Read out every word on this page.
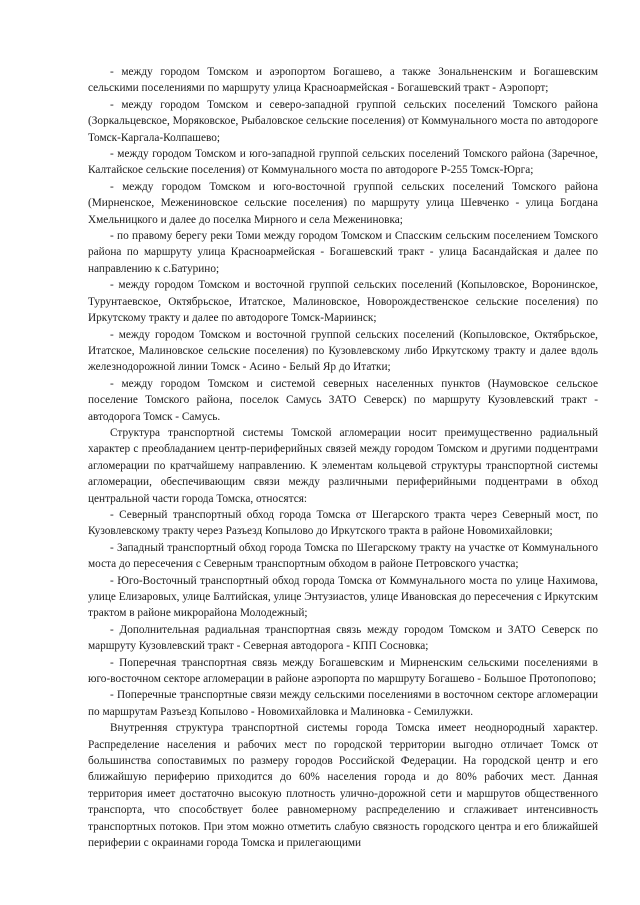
- между городом Томском и аэропортом Богашево, а также Зональненским и Богашевским сельскими поселениями по маршруту улица Красноармейская - Богашевский тракт - Аэропорт;

- между городом Томском и северо-западной группой сельских поселений Томского района (Зоркальцевское, Моряковское, Рыбаловское сельские поселения) от Коммунального моста по автодороге Томск-Каргала-Колпашево;

- между городом Томском и юго-западной группой сельских поселений Томского района (Заречное, Калтайское сельские поселения) от Коммунального моста по автодороге Р-255 Томск-Юрга;

- между городом Томском и юго-восточной группой сельских поселений Томского района (Мирненское, Межениновское сельские поселения) по маршруту улица Шевченко - улица Богдана Хмельницкого и далее до поселка Мирного и села Межениновка;

- по правому берегу реки Томи между городом Томском и Спасским сельским поселением Томского района по маршруту улица Красноармейская - Богашевский тракт - улица Басандайская и далее по направлению к с.Батурино;

- между городом Томском и восточной группой сельских поселений (Копыловское, Воронинское, Турунтаевское, Октябрьское, Итатское, Малиновское, Новорождественское сельские поселения) по Иркутскому тракту и далее по автодороге Томск-Мариинск;

- между городом Томском и восточной группой сельских поселений (Копыловское, Октябрьское, Итатское, Малиновское сельские поселения) по Кузовлевскому либо Иркутскому тракту и далее вдоль железнодорожной линии Томск - Асино - Белый Яр до Итатки;

- между городом Томском и системой северных населенных пунктов (Наумовское сельское поселение Томского района, поселок Самусь ЗАТО Северск) по маршруту Кузовлевский тракт - автодорога Томск - Самусь.

Структура транспортной системы Томской агломерации носит преимущественно радиальный характер с преобладанием центр-периферийных связей между городом Томском и другими подцентрами агломерации по кратчайшему направлению. К элементам кольцевой структуры транспортной системы агломерации, обеспечивающим связи между различными периферийными подцентрами в обход центральной части города Томска, относятся:

- Северный транспортный обход города Томска от Шегарского тракта через Северный мост, по Кузовлевскому тракту через Разъезд Копылово до Иркутского тракта в районе Новомихайловки;

- Западный транспортный обход города Томска по Шегарскому тракту на участке от Коммунального моста до пересечения с Северным транспортным обходом в районе Петровского участка;

- Юго-Восточный транспортный обход города Томска от Коммунального моста по улице Нахимова, улице Елизаровых, улице Балтийская, улице Энтузиастов, улице Ивановская до пересечения с Иркутским трактом в районе микрорайона Молодежный;

- Дополнительная радиальная транспортная связь между городом Томском и ЗАТО Северск по маршруту Кузовлевский тракт - Северная автодорога - КПП Сосновка;

- Поперечная транспортная связь между Богашевским и Мирненским сельскими поселениями в юго-восточном секторе агломерации в районе аэропорта по маршруту Богашево - Большое Протопопово;

- Поперечные транспортные связи между сельскими поселениями в восточном секторе агломерации по маршрутам Разъезд Копылово - Новомихайловка и Малиновка - Семилужки.

Внутренняя структура транспортной системы города Томска имеет неоднородный характер. Распределение населения и рабочих мест по городской территории выгодно отличает Томск от большинства сопоставимых по размеру городов Российской Федерации. На городской центр и его ближайшую периферию приходится до 60% населения города и до 80% рабочих мест. Данная территория имеет достаточно высокую плотность улично-дорожной сети и маршрутов общественного транспорта, что способствует более равномерному распределению и сглаживает интенсивность транспортных потоков. При этом можно отметить слабую связность городского центра и его ближайшей периферии с окраинами города Томска и прилегающими
